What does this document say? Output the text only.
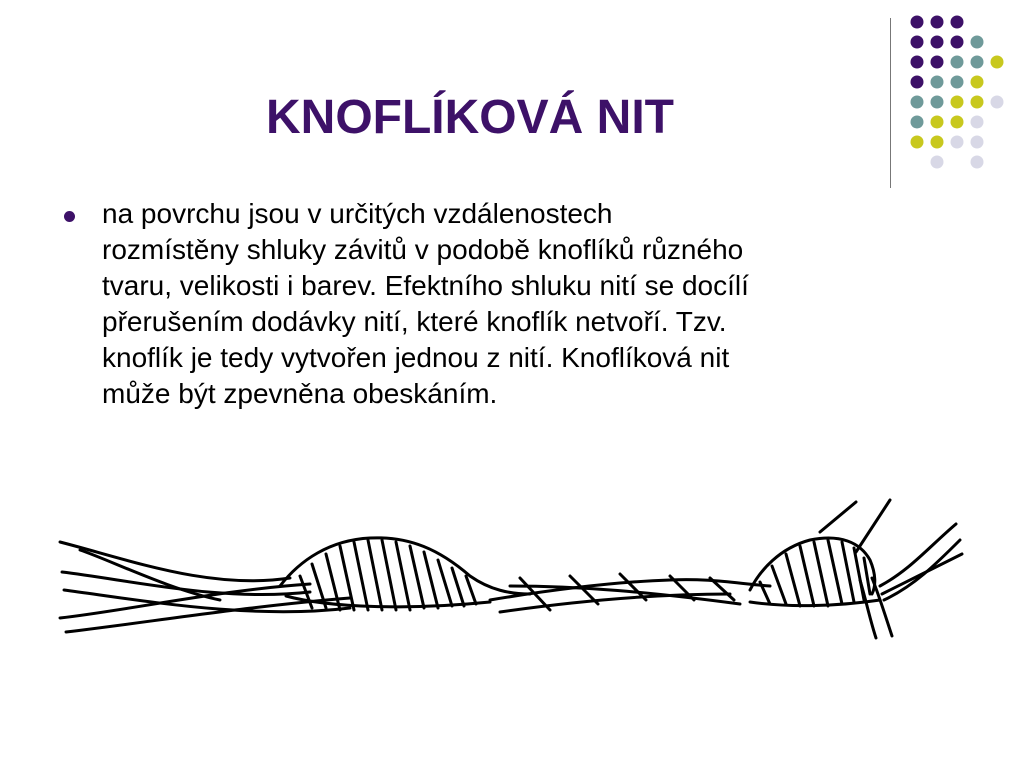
KNOFLÍKOVÁ NIT
na povrchu jsou v určitých vzdálenostech
rozmístěny shluky závitů v podobě knoflíků různého
tvaru, velikosti i barev. Efektního shluku nití se docílí
přerušením dodávky nití, které knoflík netvoří. Tzv.
knoflík je tedy vytvořen jednou z nití. Knoflíková nit
může být zpevněna obeskáním.
